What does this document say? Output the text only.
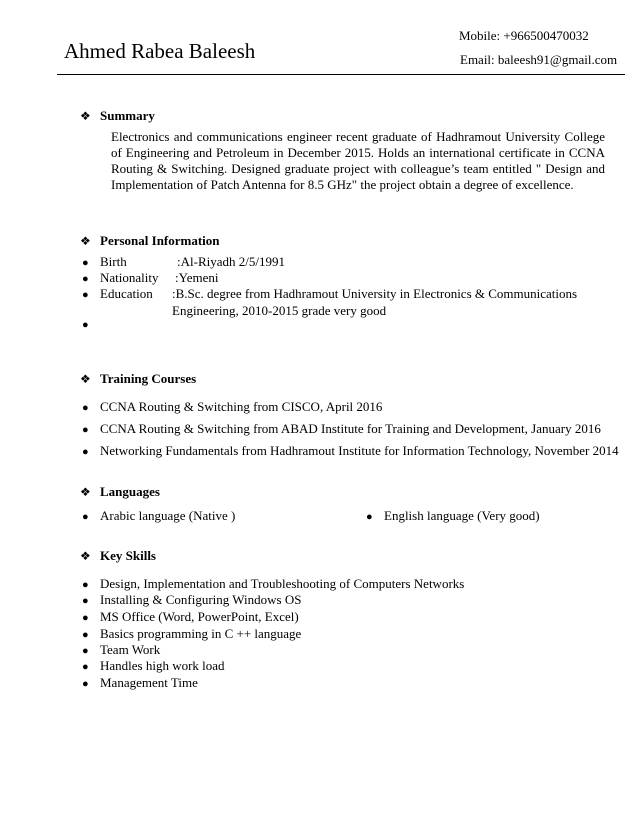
Ahmed Rabea Baleesh
Mobile: +966500470032
Email: baleesh91@gmail.com
❖ Summary
Electronics and communications engineer recent graduate of Hadhramout University College of Engineering and Petroleum in December 2015. Holds an international certificate in CCNA Routing & Switching. Designed graduate project with colleague’s team entitled " Design and Implementation of Patch Antenna for 8.5 GHz" the project obtain a degree of excellence.
❖ Personal Information
● Birth	:Al-Riyadh 2/5/1991
● Nationality :Yemeni
● Education :B.Sc. degree from Hadhramout University in Electronics & Communications Engineering, 2010-2015 grade very good
●
❖ Training Courses
● CCNA Routing & Switching from CISCO, April 2016
● CCNA Routing & Switching from ABAD Institute for Training and Development, January 2016
● Networking Fundamentals from Hadhramout Institute for Information Technology, November 2014
❖ Languages
● Arabic language (Native )	● English language (Very good)
❖ Key Skills
● Design, Implementation and Troubleshooting of Computers Networks
● Installing & Configuring Windows OS
● MS Office (Word, PowerPoint, Excel)
● Basics programming in C ++ language
● Team Work
● Handles high work load
● Management Time
